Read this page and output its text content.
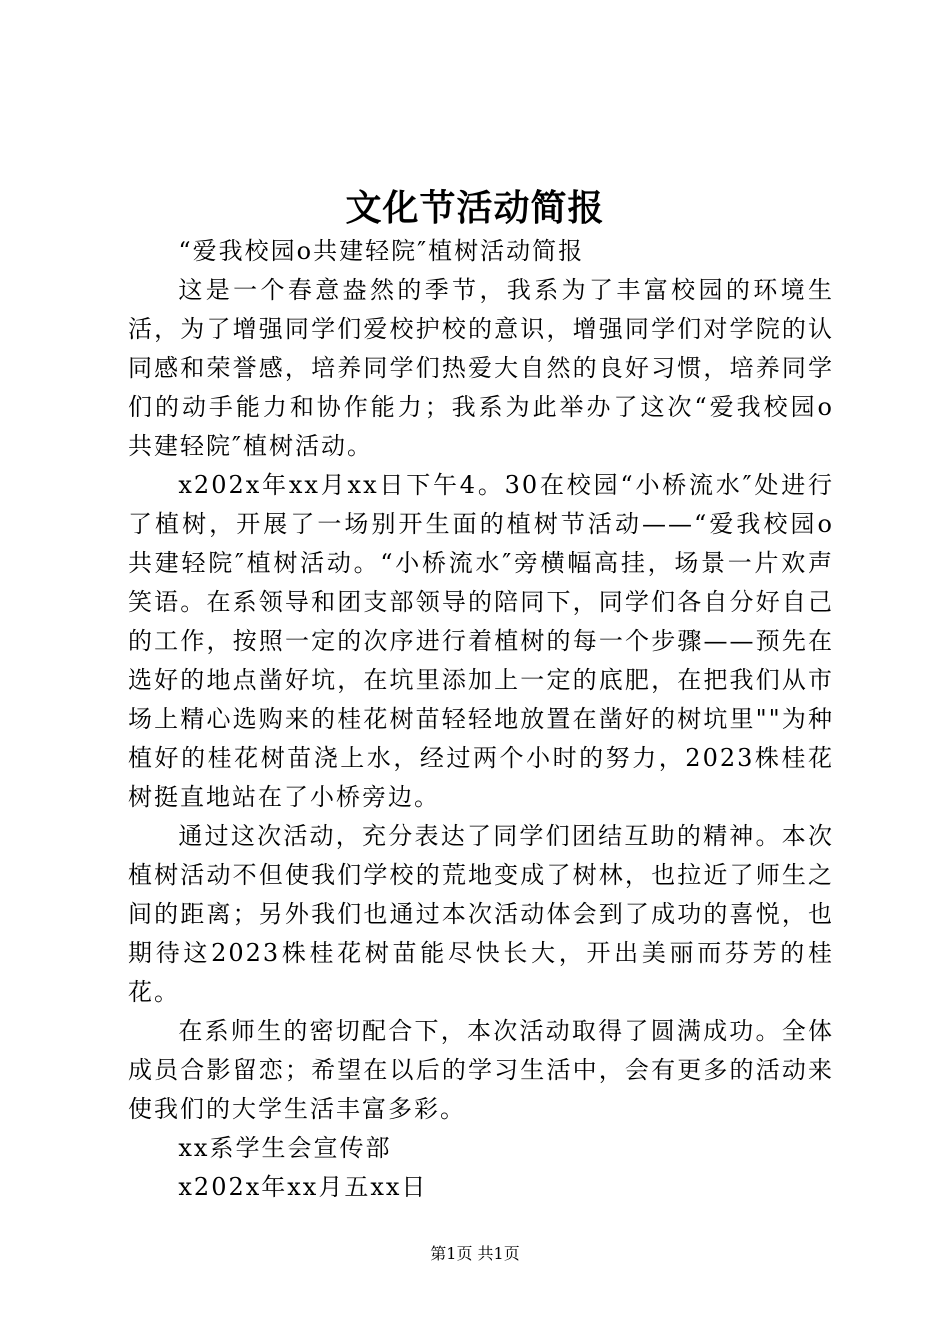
文化节活动简报

“爱我校园o共建轻院″植树活动简报

这是一个春意盎然的季节，我系为了丰富校园的环境生活，为了增强同学们爱校护校的意识，增强同学们对学院的认同感和荣誉感，培养同学们热爱大自然的良好习惯，培养同学们的动手能力和协作能力；我系为此举办了这次“爱我校园o共建轻院″植树活动。

x202x年xx月xx日下午4。30在校园“小桥流水″处进行了植树，开展了一场别开生面的植树节活动——“爱我校园o共建轻院″植树活动。“小桥流水″旁横幅高挂，场景一片欢声笑语。在系领导和团支部领导的陪同下，同学们各自分好自己的工作，按照一定的次序进行着植树的每一个步骤——预先在选好的地点凿好坑，在坑里添加上一定的底肥，在把我们从市场上精心选购来的桂花树苗轻轻地放置在凿好的树坑里""为种植好的桂花树苗浇上水，经过两个小时的努力，2023株桂花树挺直地站在了小桥旁边。

通过这次活动，充分表达了同学们团结互助的精神。本次植树活动不但使我们学校的荒地变成了树林，也拉近了师生之间的距离；另外我们也通过本次活动体会到了成功的喜悦，也期待这2023株桂花树苗能尽快长大，开出美丽而芬芳的桂花。

在系师生的密切配合下，本次活动取得了圆满成功。全体成员合影留恋；希望在以后的学习生活中，会有更多的活动来使我们的大学生活丰富多彩。

xx系学生会宣传部

x202x年xx月五xx日

第1页 共1页
